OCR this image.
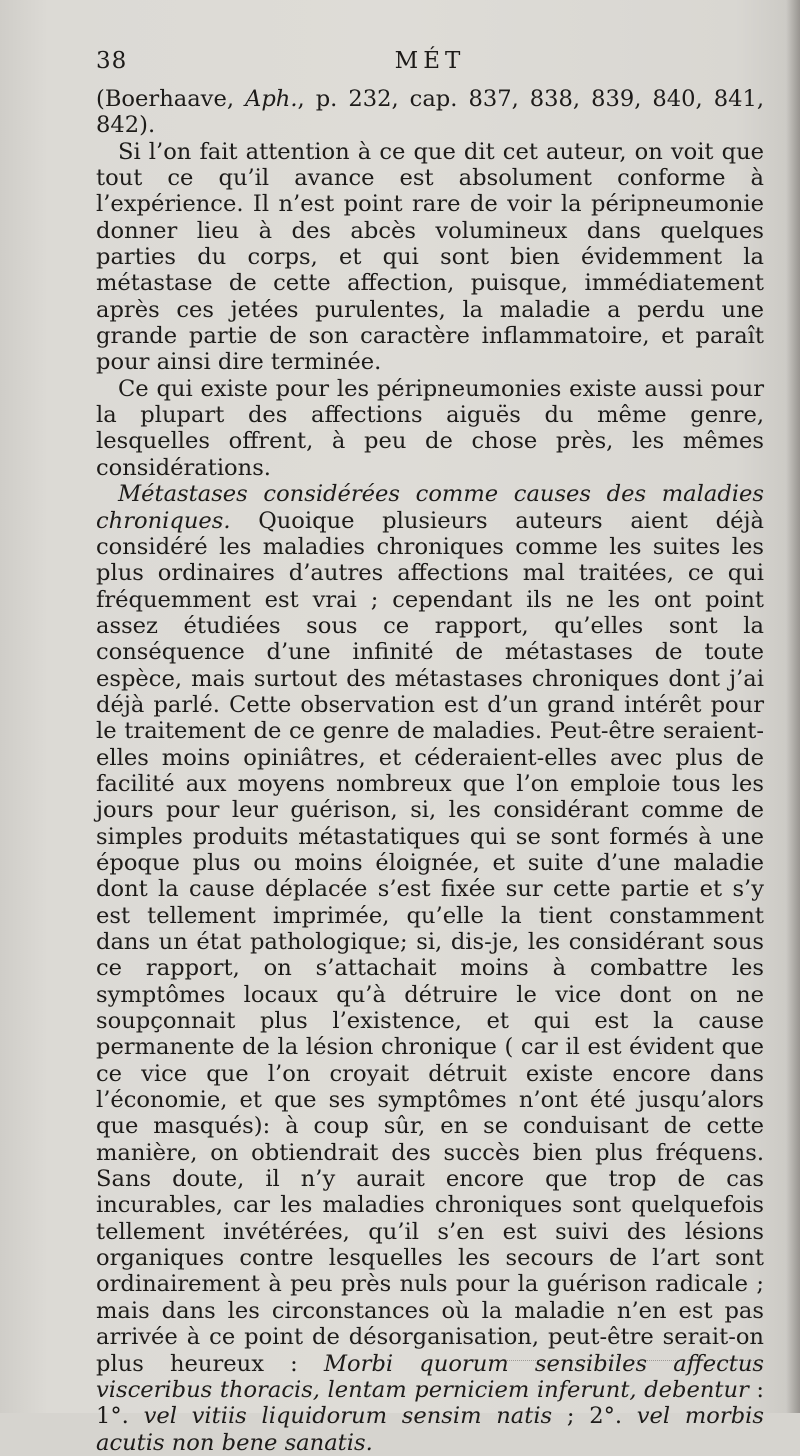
38	MÉT

(Boerhaave, Aph., p. 232, cap. 837, 838, 839, 840, 841, 842).

Si l’on fait attention à ce que dit cet auteur, on voit que tout ce qu’il avance est absolument conforme à l’expérience. Il n’est point rare de voir la péripneumonie donner lieu à des abcès volumineux dans quelques parties du corps, et qui sont bien évidemment la métastase de cette affection, puisque, immédiatement après ces jetées purulentes, la maladie a perdu une grande partie de son caractère inflammatoire, et paraît pour ainsi dire terminée.

Ce qui existe pour les péripneumonies existe aussi pour la plupart des affections aiguës du même genre, lesquelles offrent, à peu de chose près, les mêmes considérations.

Métastases considérées comme causes des maladies chroniques. Quoique plusieurs auteurs aient déjà considéré les maladies chroniques comme les suites les plus ordinaires d’autres affections mal traitées, ce qui fréquemment est vrai ; cependant ils ne les ont point assez étudiées sous ce rapport, qu’elles sont la conséquence d’une infinité de métastases de toute espèce, mais surtout des métastases chroniques dont j’ai déjà parlé. Cette observation est d’un grand intérêt pour le traitement de ce genre de maladies. Peut-être seraient-elles moins opiniâtres, et céderaient-elles avec plus de facilité aux moyens nombreux que l’on emploie tous les jours pour leur guérison, si, les considérant comme de simples produits métastatiques qui se sont formés à une époque plus ou moins éloignée, et suite d’une maladie dont la cause déplacée s’est fixée sur cette partie et s’y est tellement imprimée, qu’elle la tient constamment dans un état pathologique; si, dis-je, les considérant sous ce rapport, on s’attachait moins à combattre les symptômes locaux qu’à détruire le vice dont on ne soupçonnait plus l’existence, et qui est la cause permanente de la lésion chronique ( car il est évident que ce vice que l’on croyait détruit existe encore dans l’économie, et que ses symptômes n’ont été jusqu’alors que masqués): à coup sûr, en se conduisant de cette manière, on obtiendrait des succès bien plus fréquens. Sans doute, il n’y aurait encore que trop de cas incurables, car les maladies chroniques sont quelquefois tellement invétérées, qu’il s’en est suivi des lésions organiques contre lesquelles les secours de l’art sont ordinairement à peu près nuls pour la guérison radicale ; mais dans les circonstances où la maladie n’en est pas arrivée à ce point de désorganisation, peut-être serait-on plus heureux : Morbi quorum sensibiles affectus visceribus thoracis, lentam perniciem inferunt, debentur : 1°. vel vitiis liquidorum sensim natis ; 2°. vel morbis acutis non bene sanatis.
